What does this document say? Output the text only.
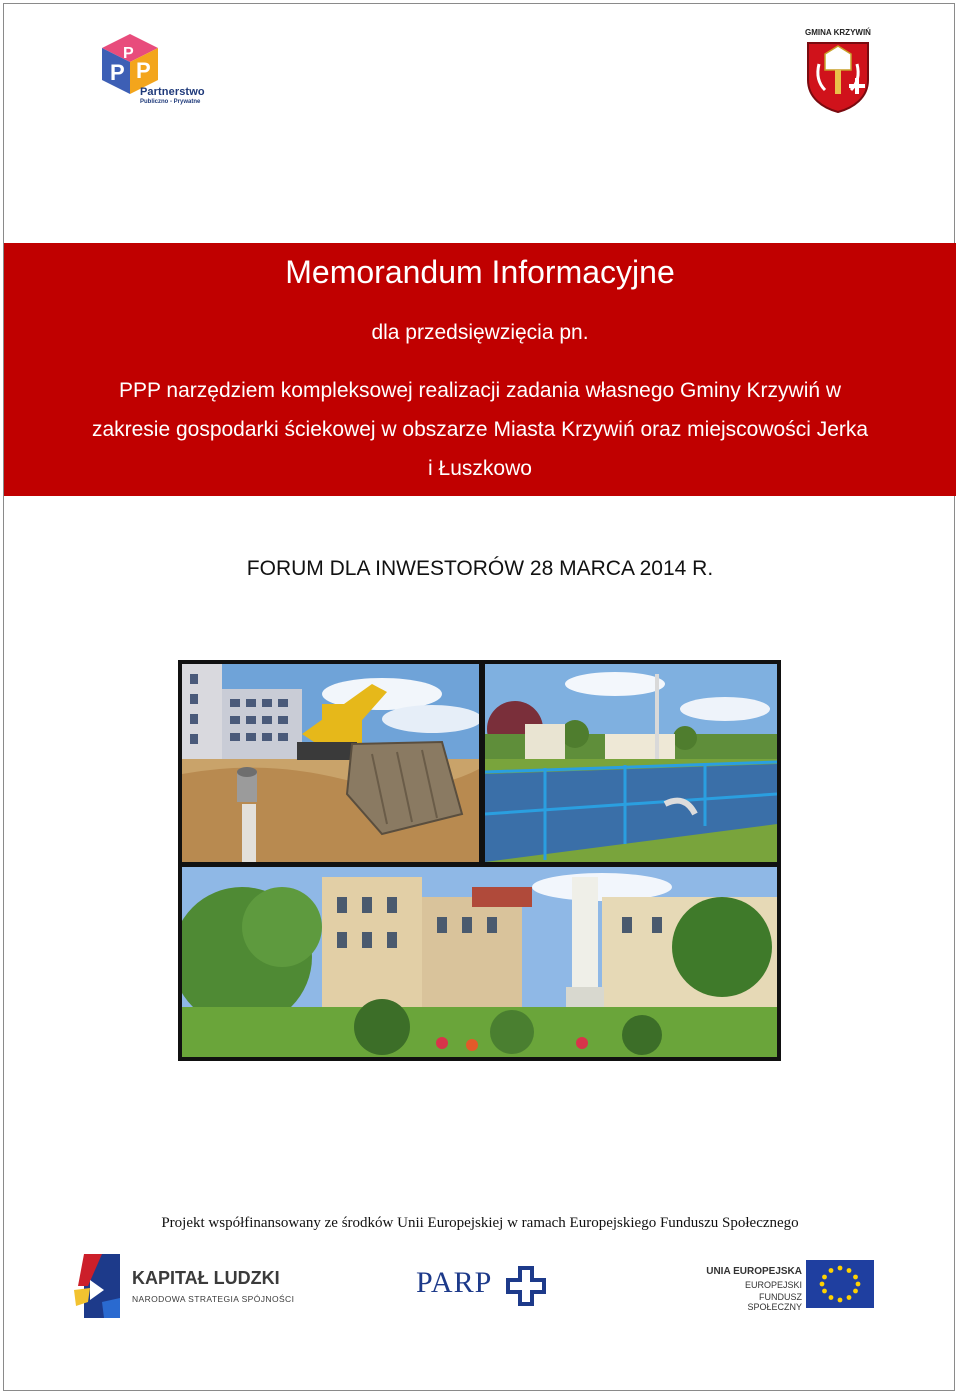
P P
P
Partnerstwo
Publiczno - Prywatne
GMINA KRZYWIŃ
Memorandum Informacyjne
dla przedsięwzięcia pn.
PPP narzędziem kompleksowej realizacji zadania własnego Gminy Krzywiń w zakresie gospodarki ściekowej w obszarze Miasta Krzywiń oraz miejscowości Jerka i Łuszkowo
FORUM DLA INWESTORÓW 28 MARCA 2014 R.
Projekt współfinansowany ze środków Unii Europejskiej w ramach Europejskiego Funduszu Społecznego
KAPITAŁ LUDZKI
NARODOWA STRATEGIA SPÓJNOŚCI	PARP	UNIA EUROPEJSKA
EUROPEJSKI
FUNDUSZ SPOŁECZNY
